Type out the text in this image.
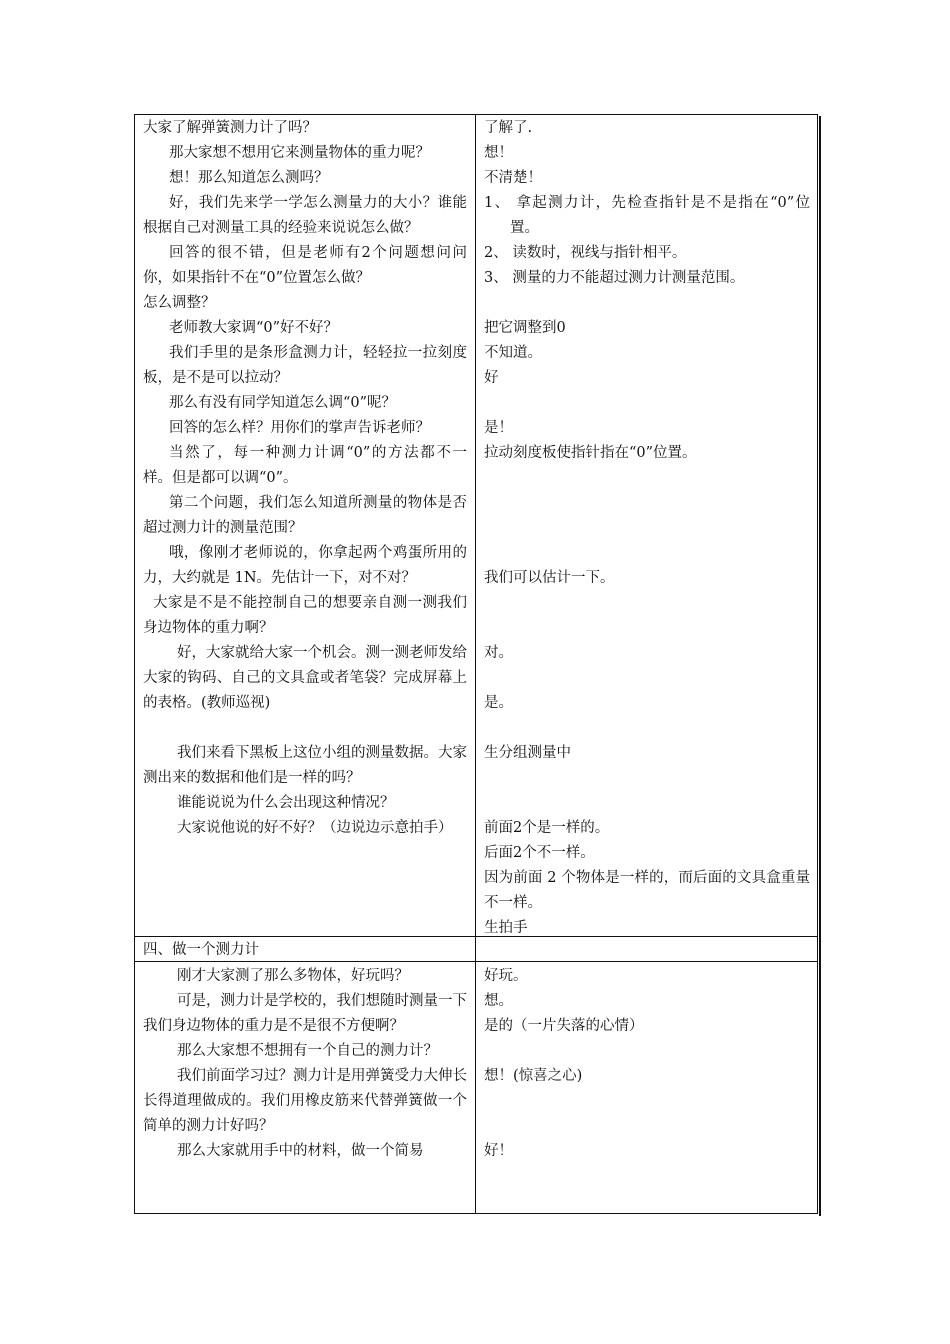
大家了解弹簧测力计了吗？

那大家想不想用它来测量物体的重力呢？

想！那么知道怎么测吗？

好，我们先来学一学怎么测量力的大小？谁能根据自己对测量工具的经验来说说怎么做？

回答的很不错，但是老师有2个问题想问问你，如果指针不在“0”位置怎么做？

怎么调整？

老师教大家调“0”好不好？

我们手里的是条形盒测力计，轻轻拉一拉刻度板，是不是可以拉动？

那么有没有同学知道怎么调“0”呢？

回答的怎么样？用你们的掌声告诉老师？

当然了，每一种测力计调“0”的方法都不一样。但是都可以调“0”。

第二个问题，我们怎么知道所测量的物体是否超过测力计的测量范围？

哦，像刚才老师说的，你拿起两个鸡蛋所用的力，大约就是 1N。先估计一下，对不对？

大家是不是不能控制自己的想要亲自测一测我们身边物体的重力啊？

好，大家就给大家一个机会。测一测老师发给大家的钩码、自己的文具盒或者笔袋？完成屏幕上的表格。(教师巡视)

我们来看下黑板上这位小组的测量数据。大家测出来的数据和他们是一样的吗？

谁能说说为什么会出现这种情况？

大家说他说的好不好？（边说边示意拍手）

了解了.

想！

不清楚！

1、 拿起测力计，先检查指针是不是指在“0”位置。

2、 读数时，视线与指针相平。

3、 测量的力不能超过测力计测量范围。

把它调整到0

不知道。

好

是！

拉动刻度板使指针指在“0”位置。

我们可以估计一下。

对。

是。

生分组测量中

前面2个是一样的。

后面2个不一样。

因为前面 2 个物体是一样的，而后面的文具盒重量不一样。

生拍手

四、做一个测力计

刚才大家测了那么多物体，好玩吗？

可是，测力计是学校的，我们想随时测量一下我们身边物体的重力是不是很不方便啊？

那么大家想不想拥有一个自己的测力计？

我们前面学习过？测力计是用弹簧受力大伸长长得道理做成的。我们用橡皮筋来代替弹簧做一个简单的测力计好吗？

那么大家就用手中的材料，做一个简易

好玩。

想。

是的（一片失落的心情）

想！(惊喜之心)

好！
